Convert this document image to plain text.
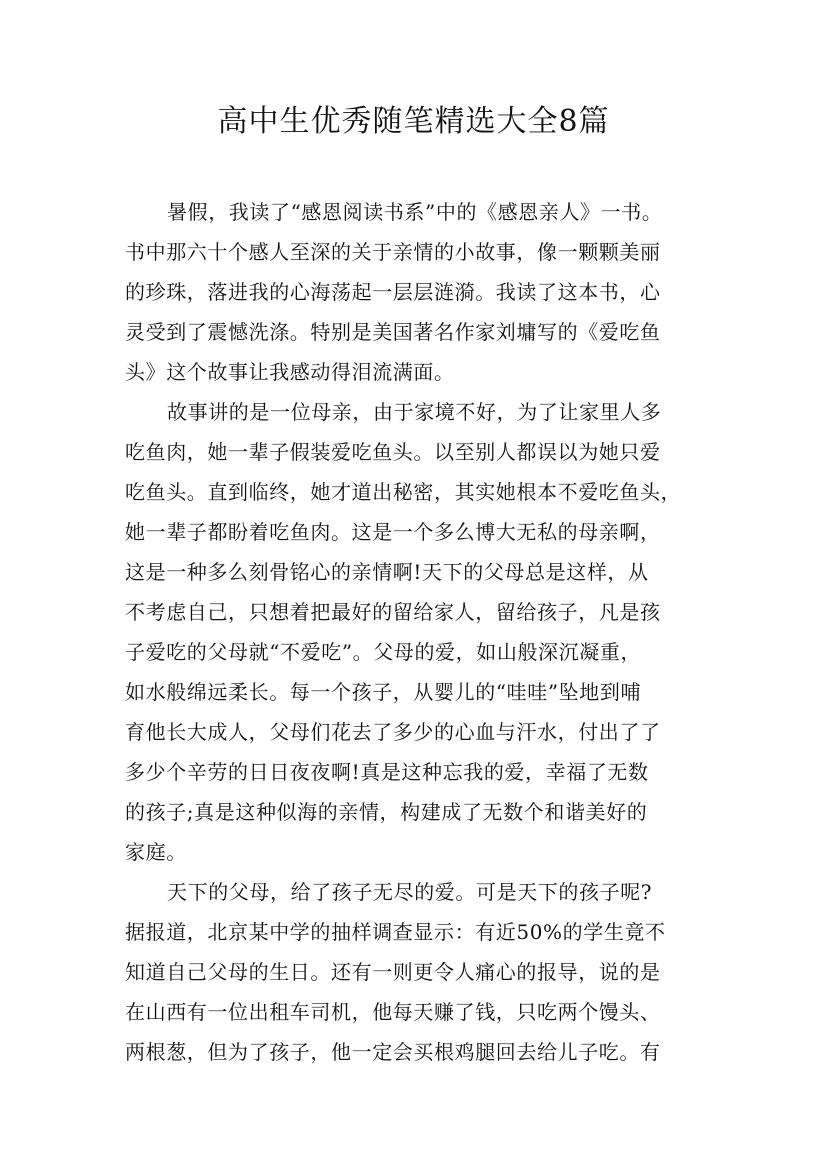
高中生优秀随笔精选大全8篇
暑假，我读了“感恩阅读书系”中的《感恩亲人》一书。
书中那六十个感人至深的关于亲情的小故事，像一颗颗美丽
的珍珠，落进我的心海荡起一层层涟漪。我读了这本书，心
灵受到了震憾洗涤。特别是美国著名作家刘墉写的《爱吃鱼
头》这个故事让我感动得泪流满面。
故事讲的是一位母亲，由于家境不好，为了让家里人多
吃鱼肉，她一辈子假装爱吃鱼头。以至别人都误以为她只爱
吃鱼头。直到临终，她才道出秘密，其实她根本不爱吃鱼头，
她一辈子都盼着吃鱼肉。这是一个多么博大无私的母亲啊，
这是一种多么刻骨铭心的亲情啊!天下的父母总是这样，从
不考虑自己，只想着把最好的留给家人，留给孩子，凡是孩
子爱吃的父母就“不爱吃”。父母的爱，如山般深沉凝重，
如水般绵远柔长。每一个孩子，从婴儿的“哇哇”坠地到哺
育他长大成人，父母们花去了多少的心血与汗水，付出了了
多少个辛劳的日日夜夜啊!真是这种忘我的爱，幸福了无数
的孩子;真是这种似海的亲情，构建成了无数个和谐美好的
家庭。
天下的父母，给了孩子无尽的爱。可是天下的孩子呢?
据报道，北京某中学的抽样调查显示：有近50%的学生竟不
知道自己父母的生日。还有一则更令人痛心的报导，说的是
在山西有一位出租车司机，他每天赚了钱，只吃两个馒头、
两根葱，但为了孩子，他一定会买根鸡腿回去给儿子吃。有
